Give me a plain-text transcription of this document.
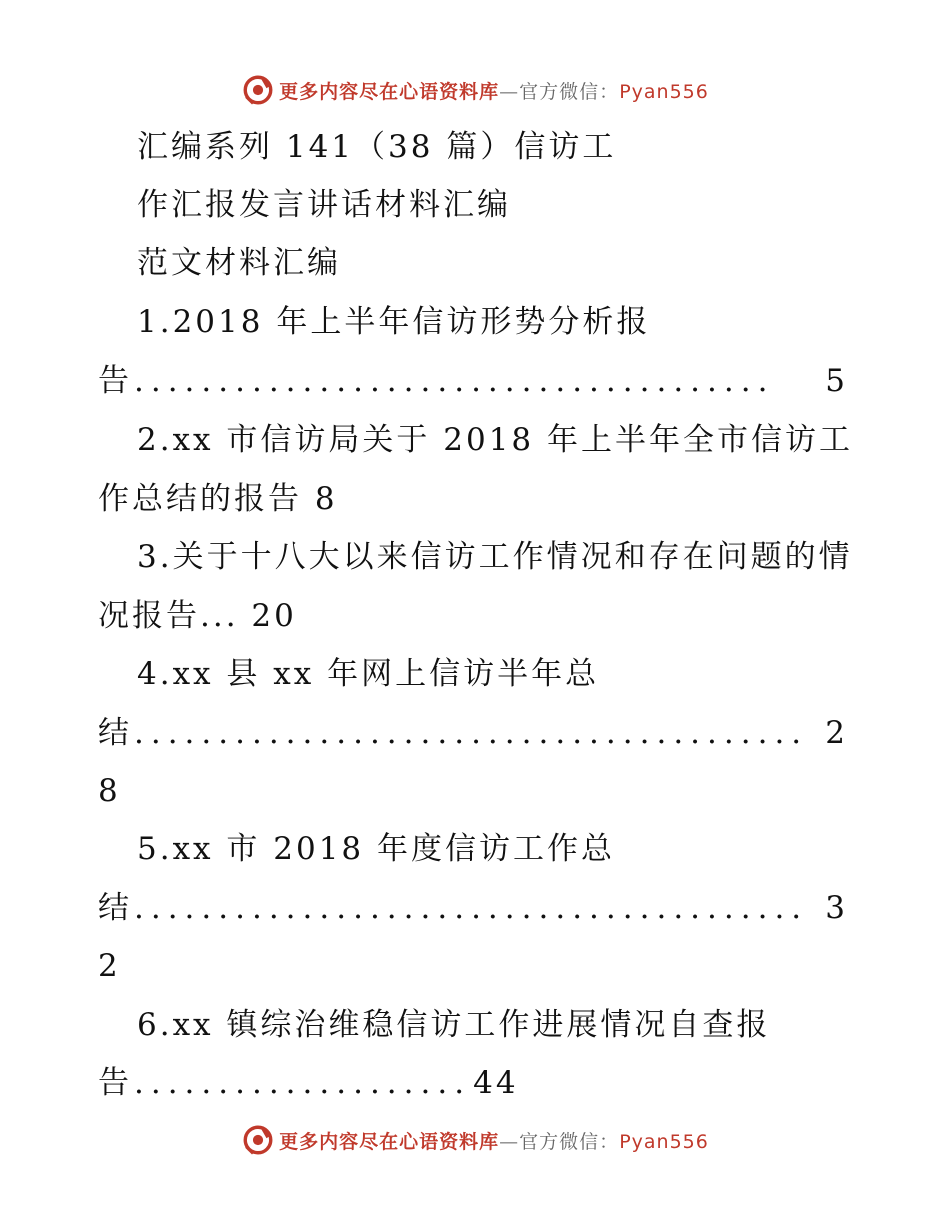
更多内容尽在心语资料库—官方微信：Pyan556
汇编系列 141（38 篇）信访工
作汇报发言讲话材料汇编
范文材料汇编
1.2018 年上半年信访形势分析报
告 ......................................	5
2.xx 市信访局关于 2018 年上半年全市信访工
作总结的报告 8
3.关于十八大以来信访工作情况和存在问题的情
况报告... 20
4.xx 县 xx 年网上信访半年总
结 ........................................ 2
8
5.xx 市 2018 年度信访工作总
结 ........................................ 3
2
6.xx 镇综治维稳信访工作进展情况自查报
告 .................... 44
更多内容尽在心语资料库—官方微信：Pyan556
